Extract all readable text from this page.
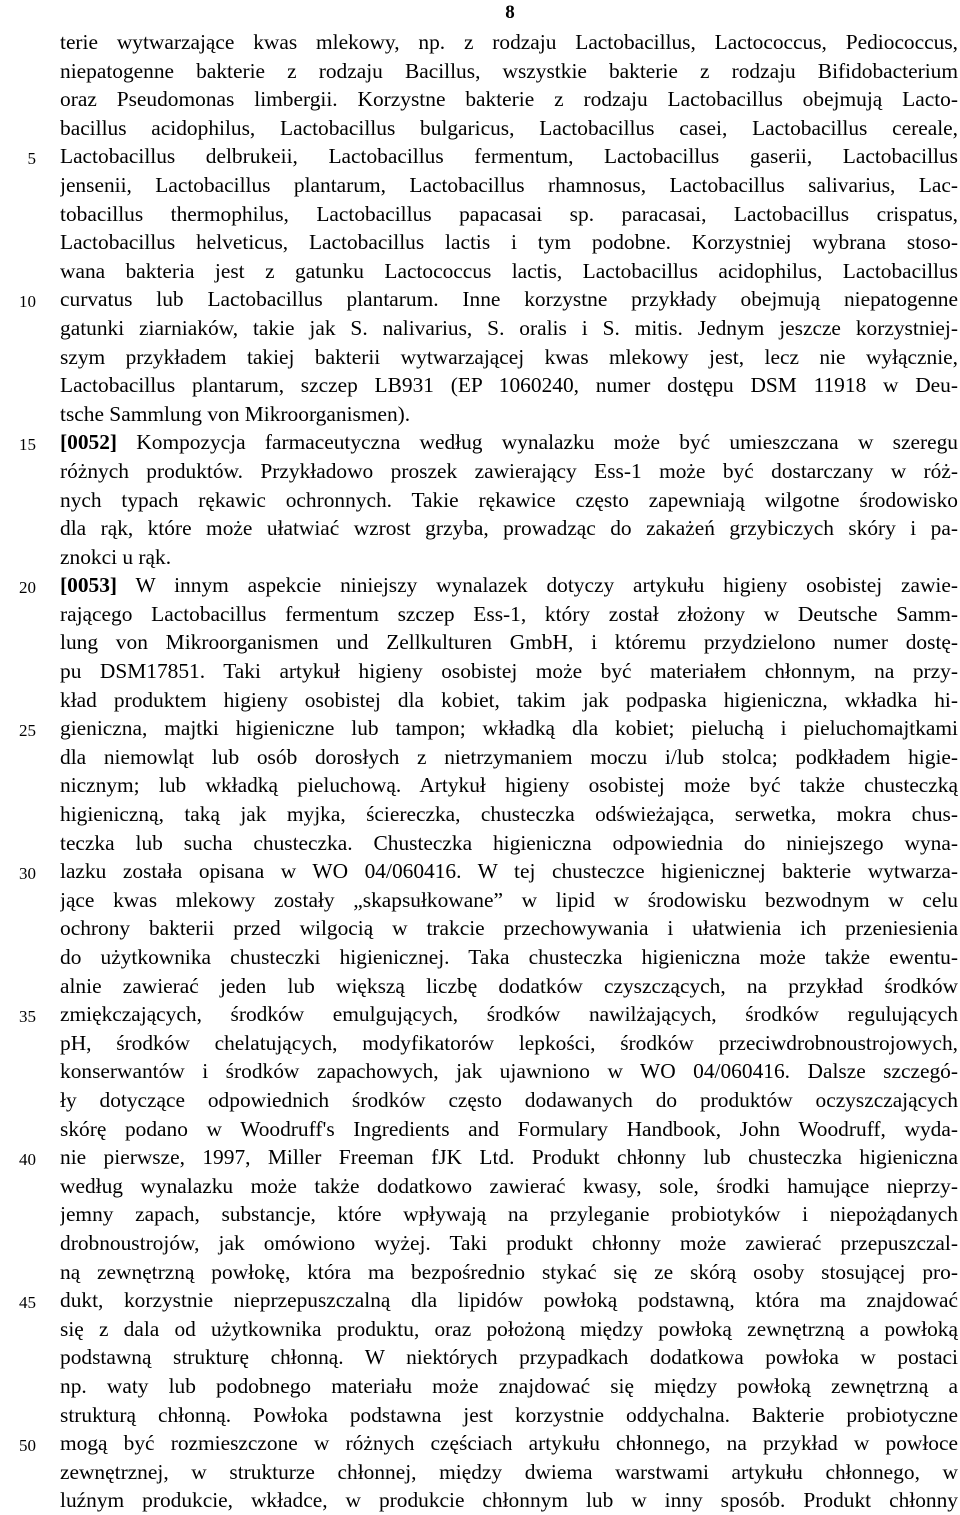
8
5
10
15
20
25
30
35
40
45
50
terie wytwarzające kwas mlekowy, np. z rodzaju Lactobacillus, Lactococcus, Pediococcus,
niepatogenne bakterie z rodzaju Bacillus, wszystkie bakterie z rodzaju Bifidobacterium
oraz Pseudomonas limbergii. Korzystne bakterie z rodzaju Lactobacillus obejmują Lacto-
bacillus acidophilus, Lactobacillus bulgaricus, Lactobacillus casei, Lactobacillus cereale,
Lactobacillus delbrukeii, Lactobacillus fermentum, Lactobacillus gaserii, Lactobacillus
jensenii, Lactobacillus plantarum, Lactobacillus rhamnosus, Lactobacillus salivarius, Lac-
tobacillus thermophilus, Lactobacillus papacasai sp. paracasai, Lactobacillus crispatus,
Lactobacillus helveticus, Lactobacillus lactis i tym podobne. Korzystniej wybrana stoso-
wana bakteria jest z gatunku Lactococcus lactis, Lactobacillus acidophilus, Lactobacillus
curvatus lub Lactobacillus plantarum. Inne korzystne przykłady obejmują niepatogenne
gatunki ziarniaków, takie jak S. nalivarius, S. oralis i S. mitis. Jednym jeszcze korzystniej-
szym przykładem takiej bakterii wytwarzającej kwas mlekowy jest, lecz nie wyłącznie,
Lactobacillus plantarum, szczep LB931 (EP 1060240, numer dostępu DSM 11918 w Deu-
tsche Sammlung von Mikroorganismen).
[0052] Kompozycja farmaceutyczna według wynalazku może być umieszczana w szeregu
różnych produktów. Przykładowo proszek zawierający Ess-1 może być dostarczany w róż-
nych typach rękawic ochronnych. Takie rękawice często zapewniają wilgotne środowisko
dla rąk, które może ułatwiać wzrost grzyba, prowadząc do zakażeń grzybiczych skóry i pa-
znokci u rąk.
[0053] W innym aspekcie niniejszy wynalazek dotyczy artykułu higieny osobistej zawie-
rającego Lactobacillus fermentum szczep Ess-1, który został złożony w Deutsche Samm-
lung von Mikroorganismen und Zellkulturen GmbH, i któremu przydzielono numer dostę-
pu DSM17851. Taki artykuł higieny osobistej może być materiałem chłonnym, na przy-
kład produktem higieny osobistej dla kobiet, takim jak podpaska higieniczna, wkładka hi-
gieniczna, majtki higieniczne lub tampon; wkładką dla kobiet; pieluchą i pieluchomajtkami
dla niemowląt lub osób dorosłych z nietrzymaniem moczu i/lub stolca; podkładem higie-
nicznym; lub wkładką pieluchową. Artykuł higieny osobistej może być także chusteczką
higieniczną, taką jak myjka, ściereczka, chusteczka odświeżająca, serwetka, mokra chus-
teczka lub sucha chusteczka. Chusteczka higieniczna odpowiednia do niniejszego wyna-
lazku została opisana w WO 04/060416. W tej chusteczce higienicznej bakterie wytwarza-
jące kwas mlekowy zostały „skapsułkowane” w lipid w środowisku bezwodnym w celu
ochrony bakterii przed wilgocią w trakcie przechowywania i ułatwienia ich przeniesienia
do użytkownika chusteczki higienicznej. Taka chusteczka higieniczna może także ewentu-
alnie zawierać jeden lub większą liczbę dodatków czyszczących, na przykład środków
zmiękczających, środków emulgujących, środków nawilżających, środków regulujących
pH, środków chelatujących, modyfikatorów lepkości, środków przeciwdrobnoustrojowych,
konserwantów i środków zapachowych, jak ujawniono w WO 04/060416. Dalsze szczegó-
ły dotyczące odpowiednich środków często dodawanych do produktów oczyszczających
skórę podano w Woodruff's Ingredients and Formulary Handbook, John Woodruff, wyda-
nie pierwsze, 1997, Miller Freeman fJK Ltd. Produkt chłonny lub chusteczka higieniczna
według wynalazku może także dodatkowo zawierać kwasy, sole, środki hamujące nieprzy-
jemny zapach, substancje, które wpływają na przyleganie probiotyków i niepożądanych
drobnoustrojów, jak omówiono wyżej. Taki produkt chłonny może zawierać przepuszczal-
ną zewnętrzną powłokę, która ma bezpośrednio stykać się ze skórą osoby stosującej pro-
dukt, korzystnie nieprzepuszczalną dla lipidów powłoką podstawną, która ma znajdować
się z dala od użytkownika produktu, oraz położoną między powłoką zewnętrzną a powłoką
podstawną strukturę chłonną. W niektórych przypadkach dodatkowa powłoka w postaci
np. waty lub podobnego materiału może znajdować się między powłoką zewnętrzną a
strukturą chłonną. Powłoka podstawna jest korzystnie oddychalna. Bakterie probiotyczne
mogą być rozmieszczone w różnych częściach artykułu chłonnego, na przykład w powłoce
zewnętrznej, w strukturze chłonnej, między dwiema warstwami artykułu chłonnego, w
luźnym produkcie, wkładce, w produkcie chłonnym lub w inny sposób. Produkt chłonny
